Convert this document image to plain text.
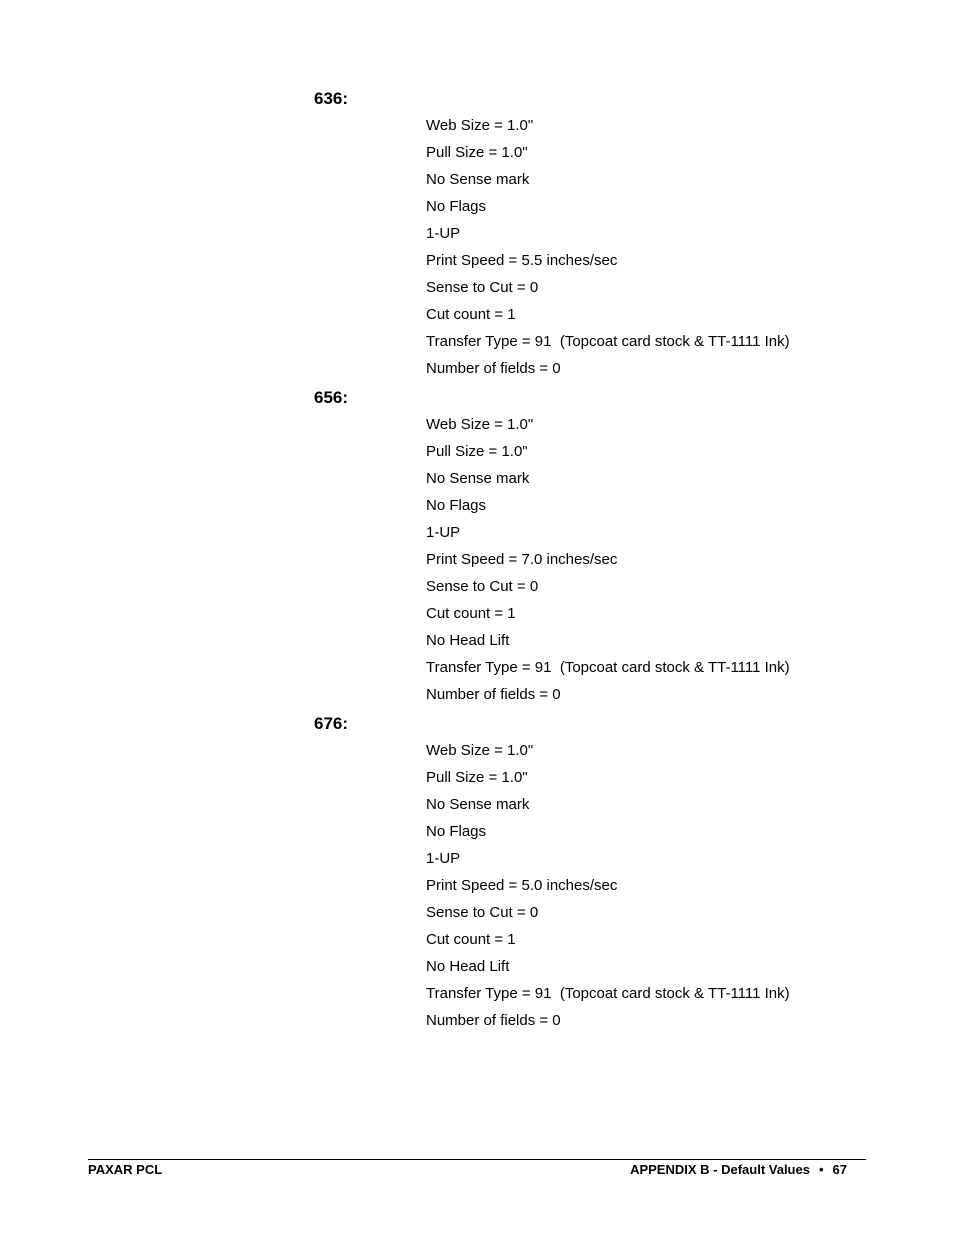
636:
Web Size = 1.0"
Pull Size = 1.0"
No Sense mark
No Flags
1-UP
Print Speed = 5.5 inches/sec
Sense to Cut = 0
Cut count = 1
Transfer Type = 91  (Topcoat card stock & TT-1111 Ink)
Number of fields = 0
656:
Web Size = 1.0"
Pull Size = 1.0"
No Sense mark
No Flags
1-UP
Print Speed = 7.0 inches/sec
Sense to Cut = 0
Cut count = 1
No Head Lift
Transfer Type = 91  (Topcoat card stock & TT-1111 Ink)
Number of fields = 0
676:
Web Size = 1.0"
Pull Size = 1.0"
No Sense mark
No Flags
1-UP
Print Speed = 5.0 inches/sec
Sense to Cut = 0
Cut count = 1
No Head Lift
Transfer Type = 91  (Topcoat card stock & TT-1111 Ink)
Number of fields = 0
PAXAR PCL	APPENDIX B - Default Values • 67
